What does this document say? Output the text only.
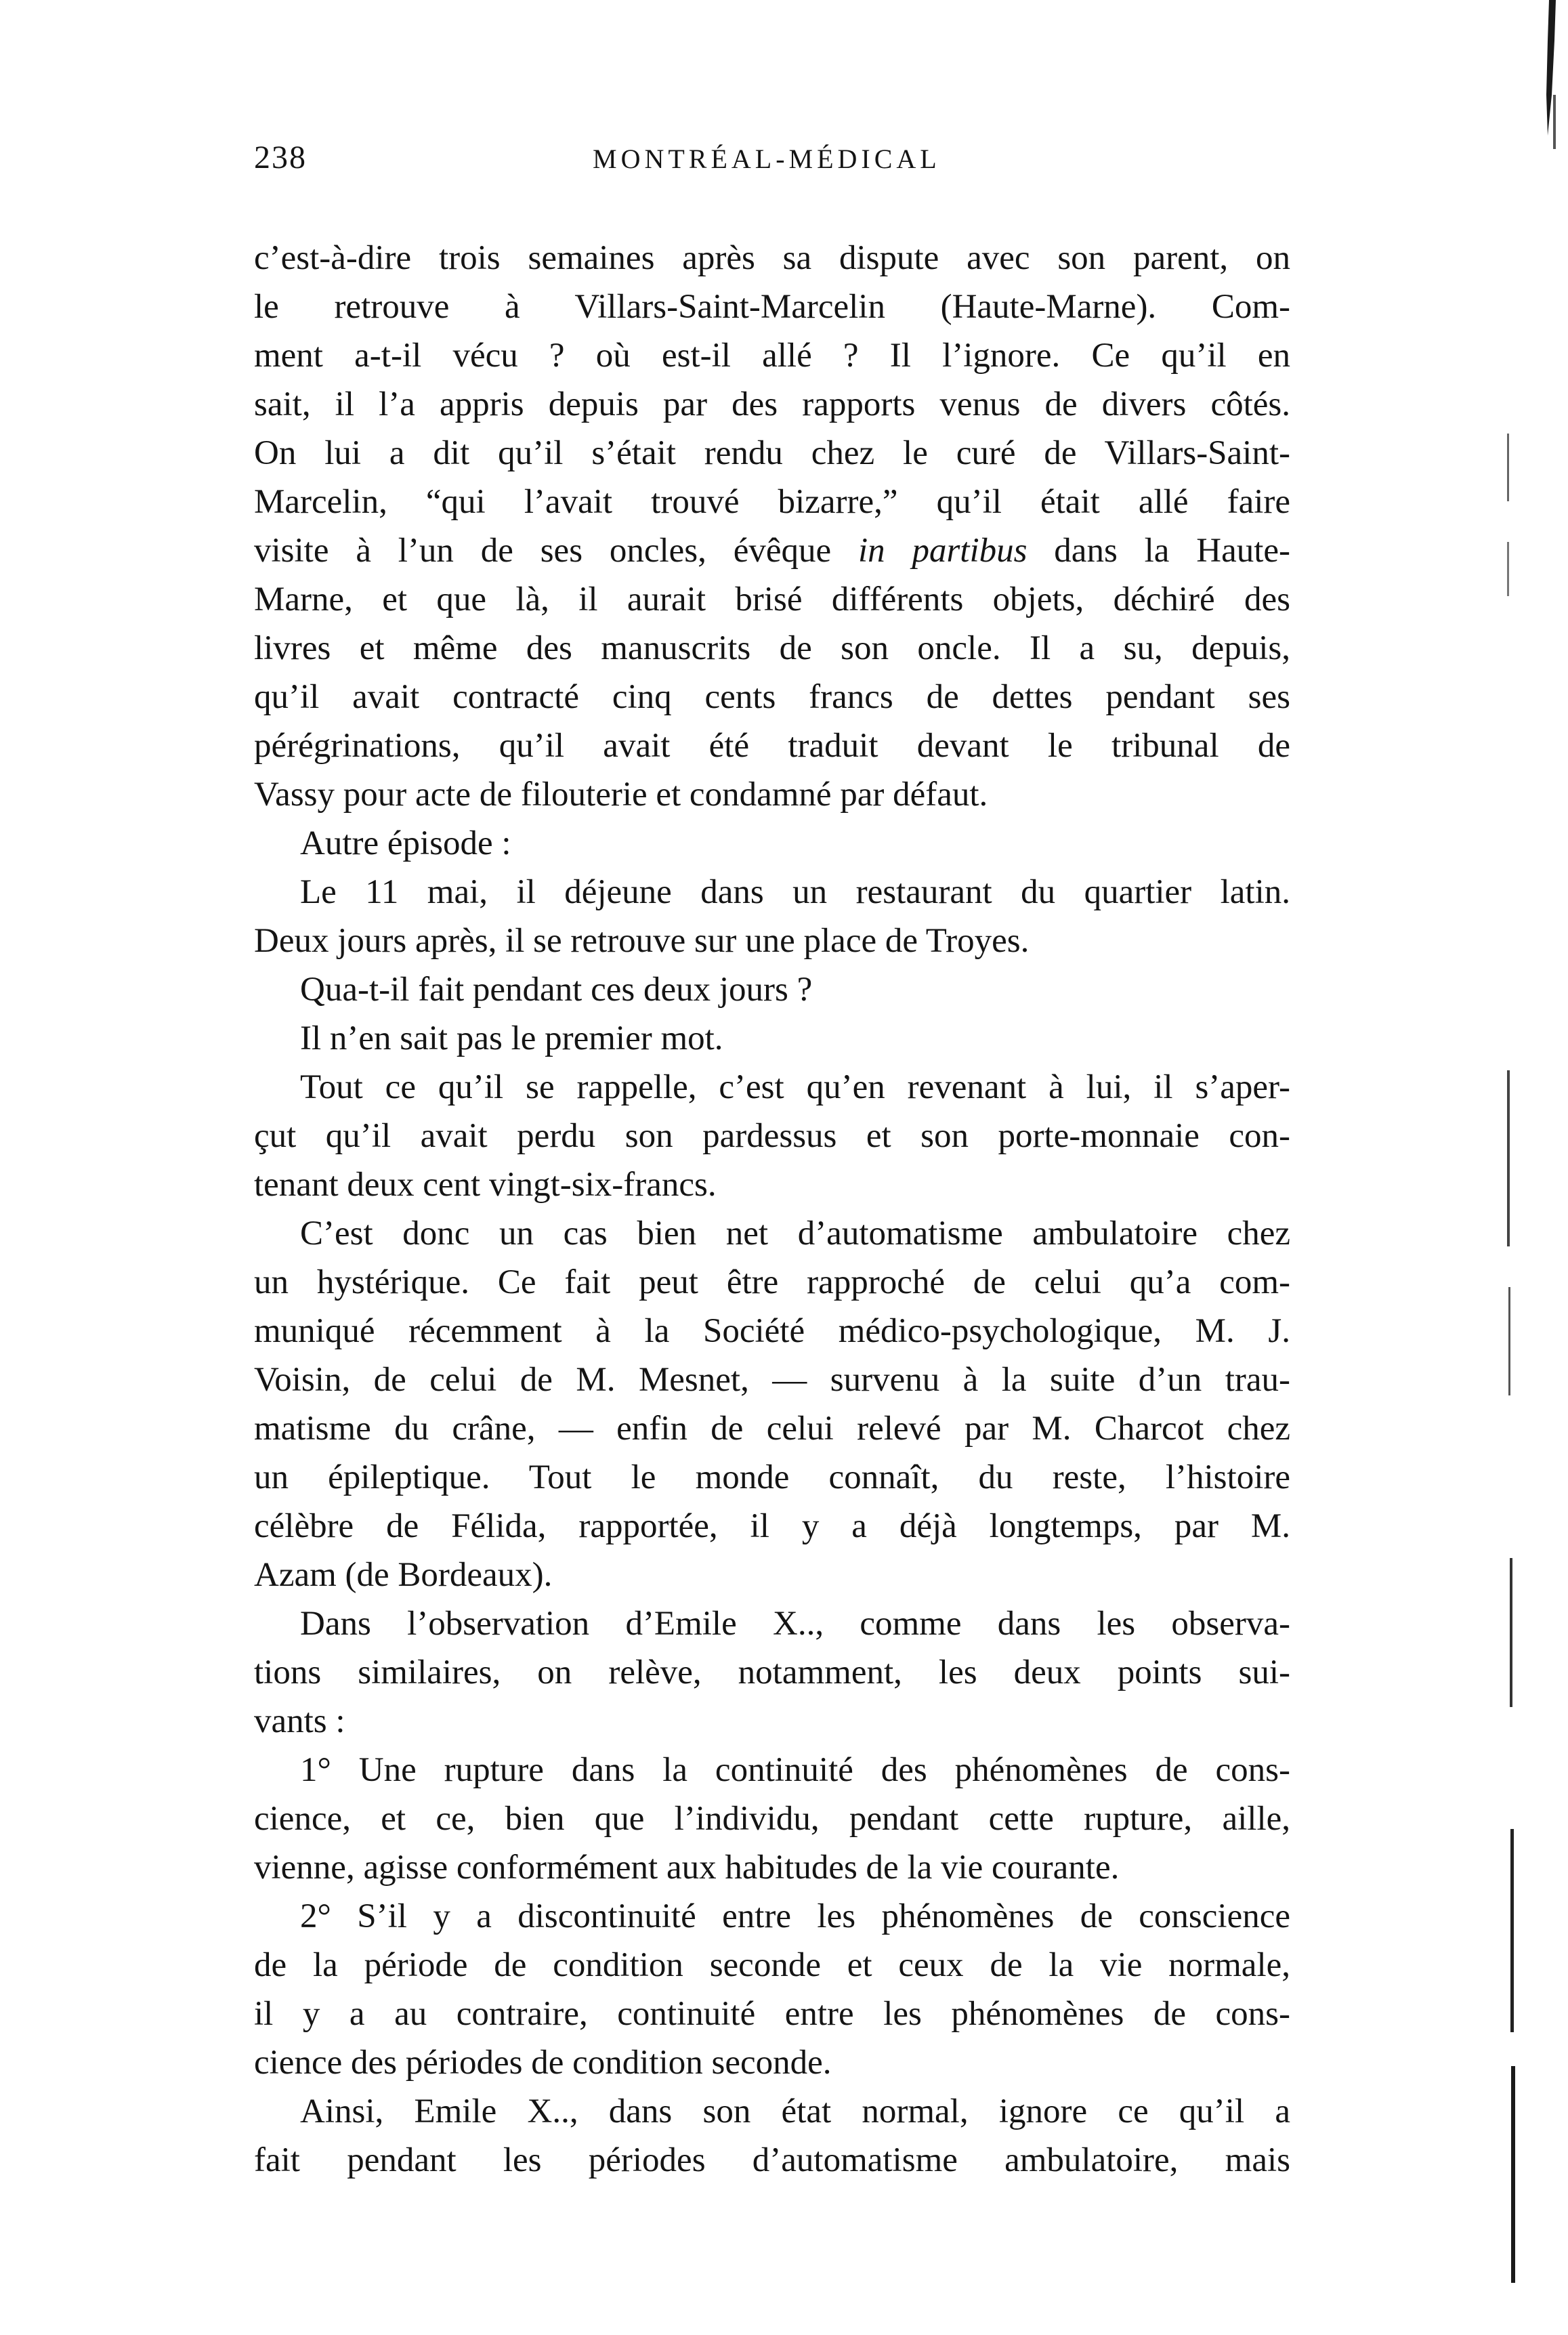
238	MONTRÉAL-MÉDICAL
c’est-à-dire trois semaines après sa dispute avec son parent, on
le retrouve à Villars-Saint-Marcelin (Haute-Marne). Com-
ment a-t-il vécu ? où est-il allé ? Il l’ignore. Ce qu’il en
sait, il l’a appris depuis par des rapports venus de divers côtés.
On lui a dit qu’il s’était rendu chez le curé de Villars-Saint-
Marcelin, “qui l’avait trouvé bizarre,” qu’il était allé faire
visite à l’un de ses oncles, évêque in partibus dans la Haute-
Marne, et que là, il aurait brisé différents objets, déchiré des
livres et même des manuscrits de son oncle. Il a su, depuis,
qu’il avait contracté cinq cents francs de dettes pendant ses
pérégrinations, qu’il avait été traduit devant le tribunal de
Vassy pour acte de filouterie et condamné par défaut.
Autre épisode :
Le 11 mai, il déjeune dans un restaurant du quartier latin.
Deux jours après, il se retrouve sur une place de Troyes.
Qua-t-il fait pendant ces deux jours ?
Il n’en sait pas le premier mot.
Tout ce qu’il se rappelle, c’est qu’en revenant à lui, il s’aper-
çut qu’il avait perdu son pardessus et son porte-monnaie con-
tenant deux cent vingt-six-francs.
C’est donc un cas bien net d’automatisme ambulatoire chez
un hystérique. Ce fait peut être rapproché de celui qu’a com-
muniqué récemment à la Société médico-psychologique, M. J.
Voisin, de celui de M. Mesnet, — survenu à la suite d’un trau-
matisme du crâne, — enfin de celui relevé par M. Charcot chez
un épileptique. Tout le monde connaît, du reste, l’histoire
célèbre de Félida, rapportée, il y a déjà longtemps, par M.
Azam (de Bordeaux).
Dans l’observation d’Emile X.., comme dans les observa-
tions similaires, on relève, notamment, les deux points sui-
vants :
1° Une rupture dans la continuité des phénomènes de cons-
cience, et ce, bien que l’individu, pendant cette rupture, aille,
vienne, agisse conformément aux habitudes de la vie courante.
2° S’il y a discontinuité entre les phénomènes de conscience
de la période de condition seconde et ceux de la vie normale,
il y a au contraire, continuité entre les phénomènes de cons-
cience des périodes de condition seconde.
Ainsi, Emile X.., dans son état normal, ignore ce qu’il a
fait pendant les périodes d’automatisme ambulatoire, mais
